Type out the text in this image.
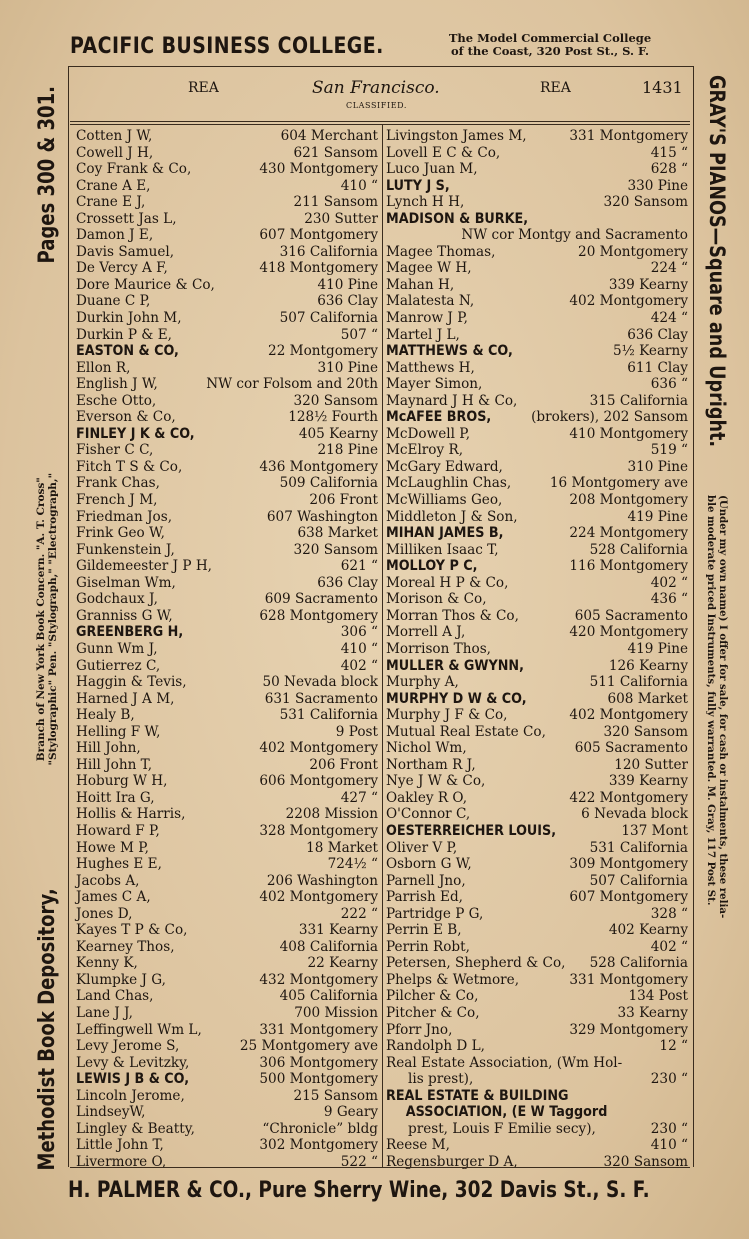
PACIFIC BUSINESS COLLEGE.	The Model Commercial College
of the Coast, 320 Post St., S. F.
Methodist Book Depository,
Branch of New York Book Concern. "A. T. Cross" "Stylographic" Pen. "Stylograph," "Electrograph,"
Pages 300 & 301.	GRAY'S PIANOS—Square and Upright.
(Under my own name) I offer for sale, for cash or instalments, these relia-
ble moderate priced Instruments, fully warranted. M. Gray, 117 Post St.
REA	San Francisco.	REA	1431
CLASSIFIED.
Cotten J W,	604 Merchant
Cowell J H,	621 Sansom
Coy Frank & Co,	430 Montgomery
Crane A E,	410 “
Crane E J,	211 Sansom
Crossett Jas L,	230 Sutter
Damon J E,	607 Montgomery
Davis Samuel,	316 California
De Vercy A F,	418 Montgomery
Dore Maurice & Co,	410 Pine
Duane C P,	636 Clay
Durkin John M,	507 California
Durkin P & E,	507 “
EASTON & CO,	22 Montgomery
Ellon R,	310 Pine
English J W,	NW cor Folsom and 20th
Esche Otto,	320 Sansom
Everson & Co,	128½ Fourth
FINLEY J K & CO,	405 Kearny
Fisher C C,	218 Pine
Fitch T S & Co,	436 Montgomery
Frank Chas,	509 California
French J M,	206 Front
Friedman Jos,	607 Washington
Frink Geo W,	638 Market
Funkenstein J,	320 Sansom
Gildemeester J P H,	621 “
Giselman Wm,	636 Clay
Godchaux J,	609 Sacramento
Granniss G W,	628 Montgomery
GREENBERG H,	306 “
Gunn Wm J,	410 “
Gutierrez C,	402 “
Haggin & Tevis,	50 Nevada block
Harned J A M,	631 Sacramento
Healy B,	531 California
Helling F W,	9 Post
Hill John,	402 Montgomery
Hill John T,	206 Front
Hoburg W H,	606 Montgomery
Hoitt Ira G,	427 “
Hollis & Harris,	2208 Mission
Howard F P,	328 Montgomery
Howe M P,	18 Market
Hughes E E,	724½ “
Jacobs A,	206 Washington
James C A,	402 Montgomery
Jones D,	222 “
Kayes T P & Co,	331 Kearny
Kearney Thos,	408 California
Kenny K,	22 Kearny
Klumpke J G,	432 Montgomery
Land Chas,	405 California
Lane J J,	700 Mission
Leffingwell Wm L,	331 Montgomery
Levy Jerome S,	25 Montgomery ave
Levy & Levitzky,	306 Montgomery
LEWIS J B & CO,	500 Montgomery
Lincoln Jerome,	215 Sansom
LindseyW,	9 Geary
Lingley & Beatty,	“Chronicle” bldg
Little John T,	302 Montgomery
Livermore O,	522 “
Livingston James M,	331 Montgomery
Lovell E C & Co,	415 “
Luco Juan M,	628 “
LUTY J S,	330 Pine
Lynch H H,	320 Sansom
MADISON & BURKE,
NW cor Montgy and Sacramento
Magee Thomas,	20 Montgomery
Magee W H,	224 “
Mahan H,	339 Kearny
Malatesta N,	402 Montgomery
Manrow J P,	424 “
Martel J L,	636 Clay
MATTHEWS & CO,	5½ Kearny
Matthews H,	611 Clay
Mayer Simon,	636 “
Maynard J H & Co,	315 California
McAFEE BROS,	(brokers), 202 Sansom
McDowell P,	410 Montgomery
McElroy R,	519 “
McGary Edward,	310 Pine
McLaughlin Chas,	16 Montgomery ave
McWilliams Geo,	208 Montgomery
Middleton J & Son,	419 Pine
MIHAN JAMES B,	224 Montgomery
Milliken Isaac T,	528 California
MOLLOY P C,	116 Montgomery
Moreal H P & Co,	402 “
Morison & Co,	436 “
Morran Thos & Co,	605 Sacramento
Morrell A J,	420 Montgomery
Morrison Thos,	419 Pine
MULLER & GWYNN,	126 Kearny
Murphy A,	511 California
MURPHY D W & CO,	608 Market
Murphy J F & Co,	402 Montgomery
Mutual Real Estate Co,	320 Sansom
Nichol Wm,	605 Sacramento
Northam R J,	120 Sutter
Nye J W & Co,	339 Kearny
Oakley R O,	422 Montgomery
O'Connor C,	6 Nevada block
OESTERREICHER LOUIS,	137 Mont
Oliver V P,	531 California
Osborn G W,	309 Montgomery
Parnell Jno,	507 California
Parrish Ed,	607 Montgomery
Partridge P G,	328 “
Perrin E B,	402 Kearny
Perrin Robt,	402 “
Petersen, Shepherd & Co, 528 California
Phelps & Wetmore,	331 Montgomery
Pilcher & Co,	134 Post
Pitcher & Co,	33 Kearny
Pforr Jno,	329 Montgomery
Randolph D L,	12 “
Real Estate Association, (Wm Hol-
lis prest),	230 “
REAL ESTATE & BUILDING
ASSOCIATION, (E W Taggord
prest, Louis F Emilie secy),	230 “
Reese M,	410 “
Regensburger D A,	320 Sansom
H. PALMER & CO., Pure Sherry Wine, 302 Davis St., S. F.
